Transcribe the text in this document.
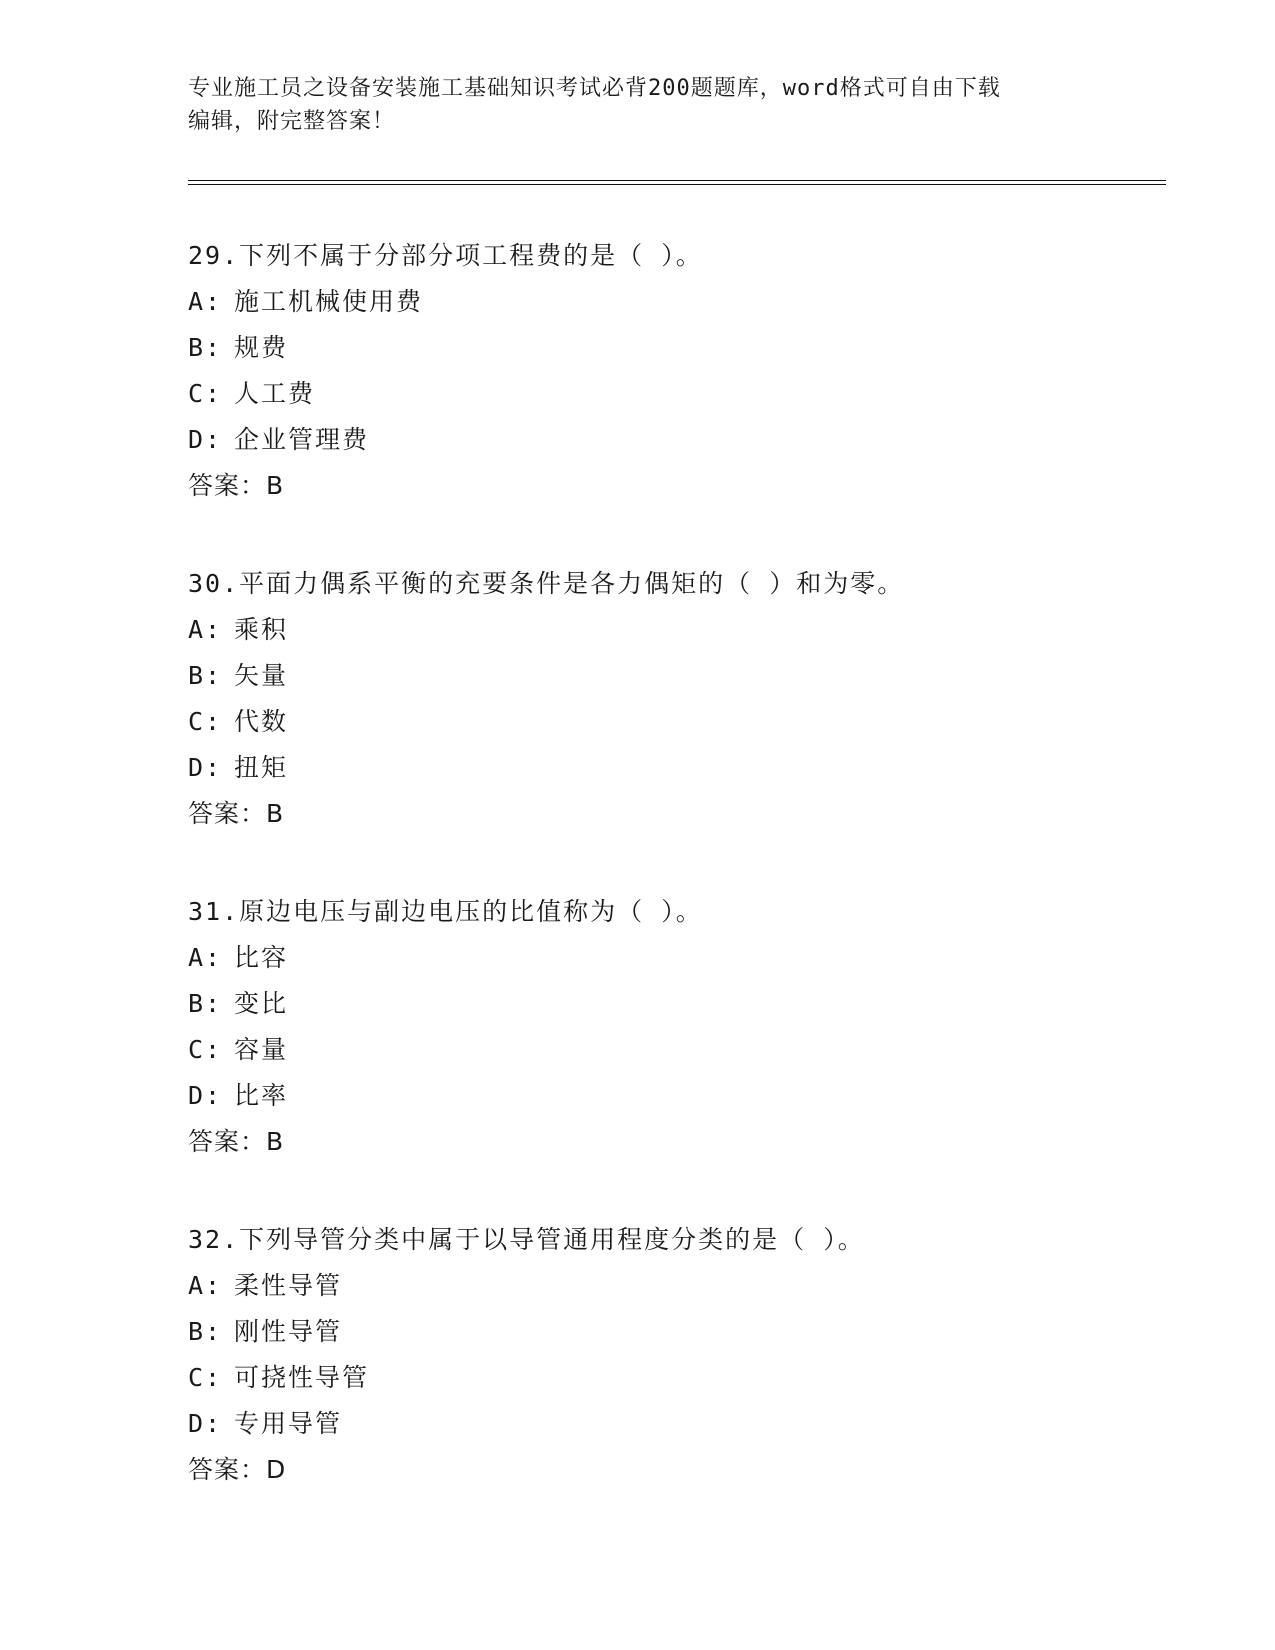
专业施工员之设备安装施工基础知识考试必背200题题库，word格式可自由下载
编辑，附完整答案！
29.下列不属于分部分项工程费的是（ ）。
A: 施工机械使用费
B: 规费
C: 人工费
D: 企业管理费
答案：B
30.平面力偶系平衡的充要条件是各力偶矩的（ ）和为零。
A: 乘积
B: 矢量
C: 代数
D: 扭矩
答案：B
31.原边电压与副边电压的比值称为（ ）。
A: 比容
B: 变比
C: 容量
D: 比率
答案：B
32.下列导管分类中属于以导管通用程度分类的是（ ）。
A: 柔性导管
B: 刚性导管
C: 可挠性导管
D: 专用导管
答案：D
